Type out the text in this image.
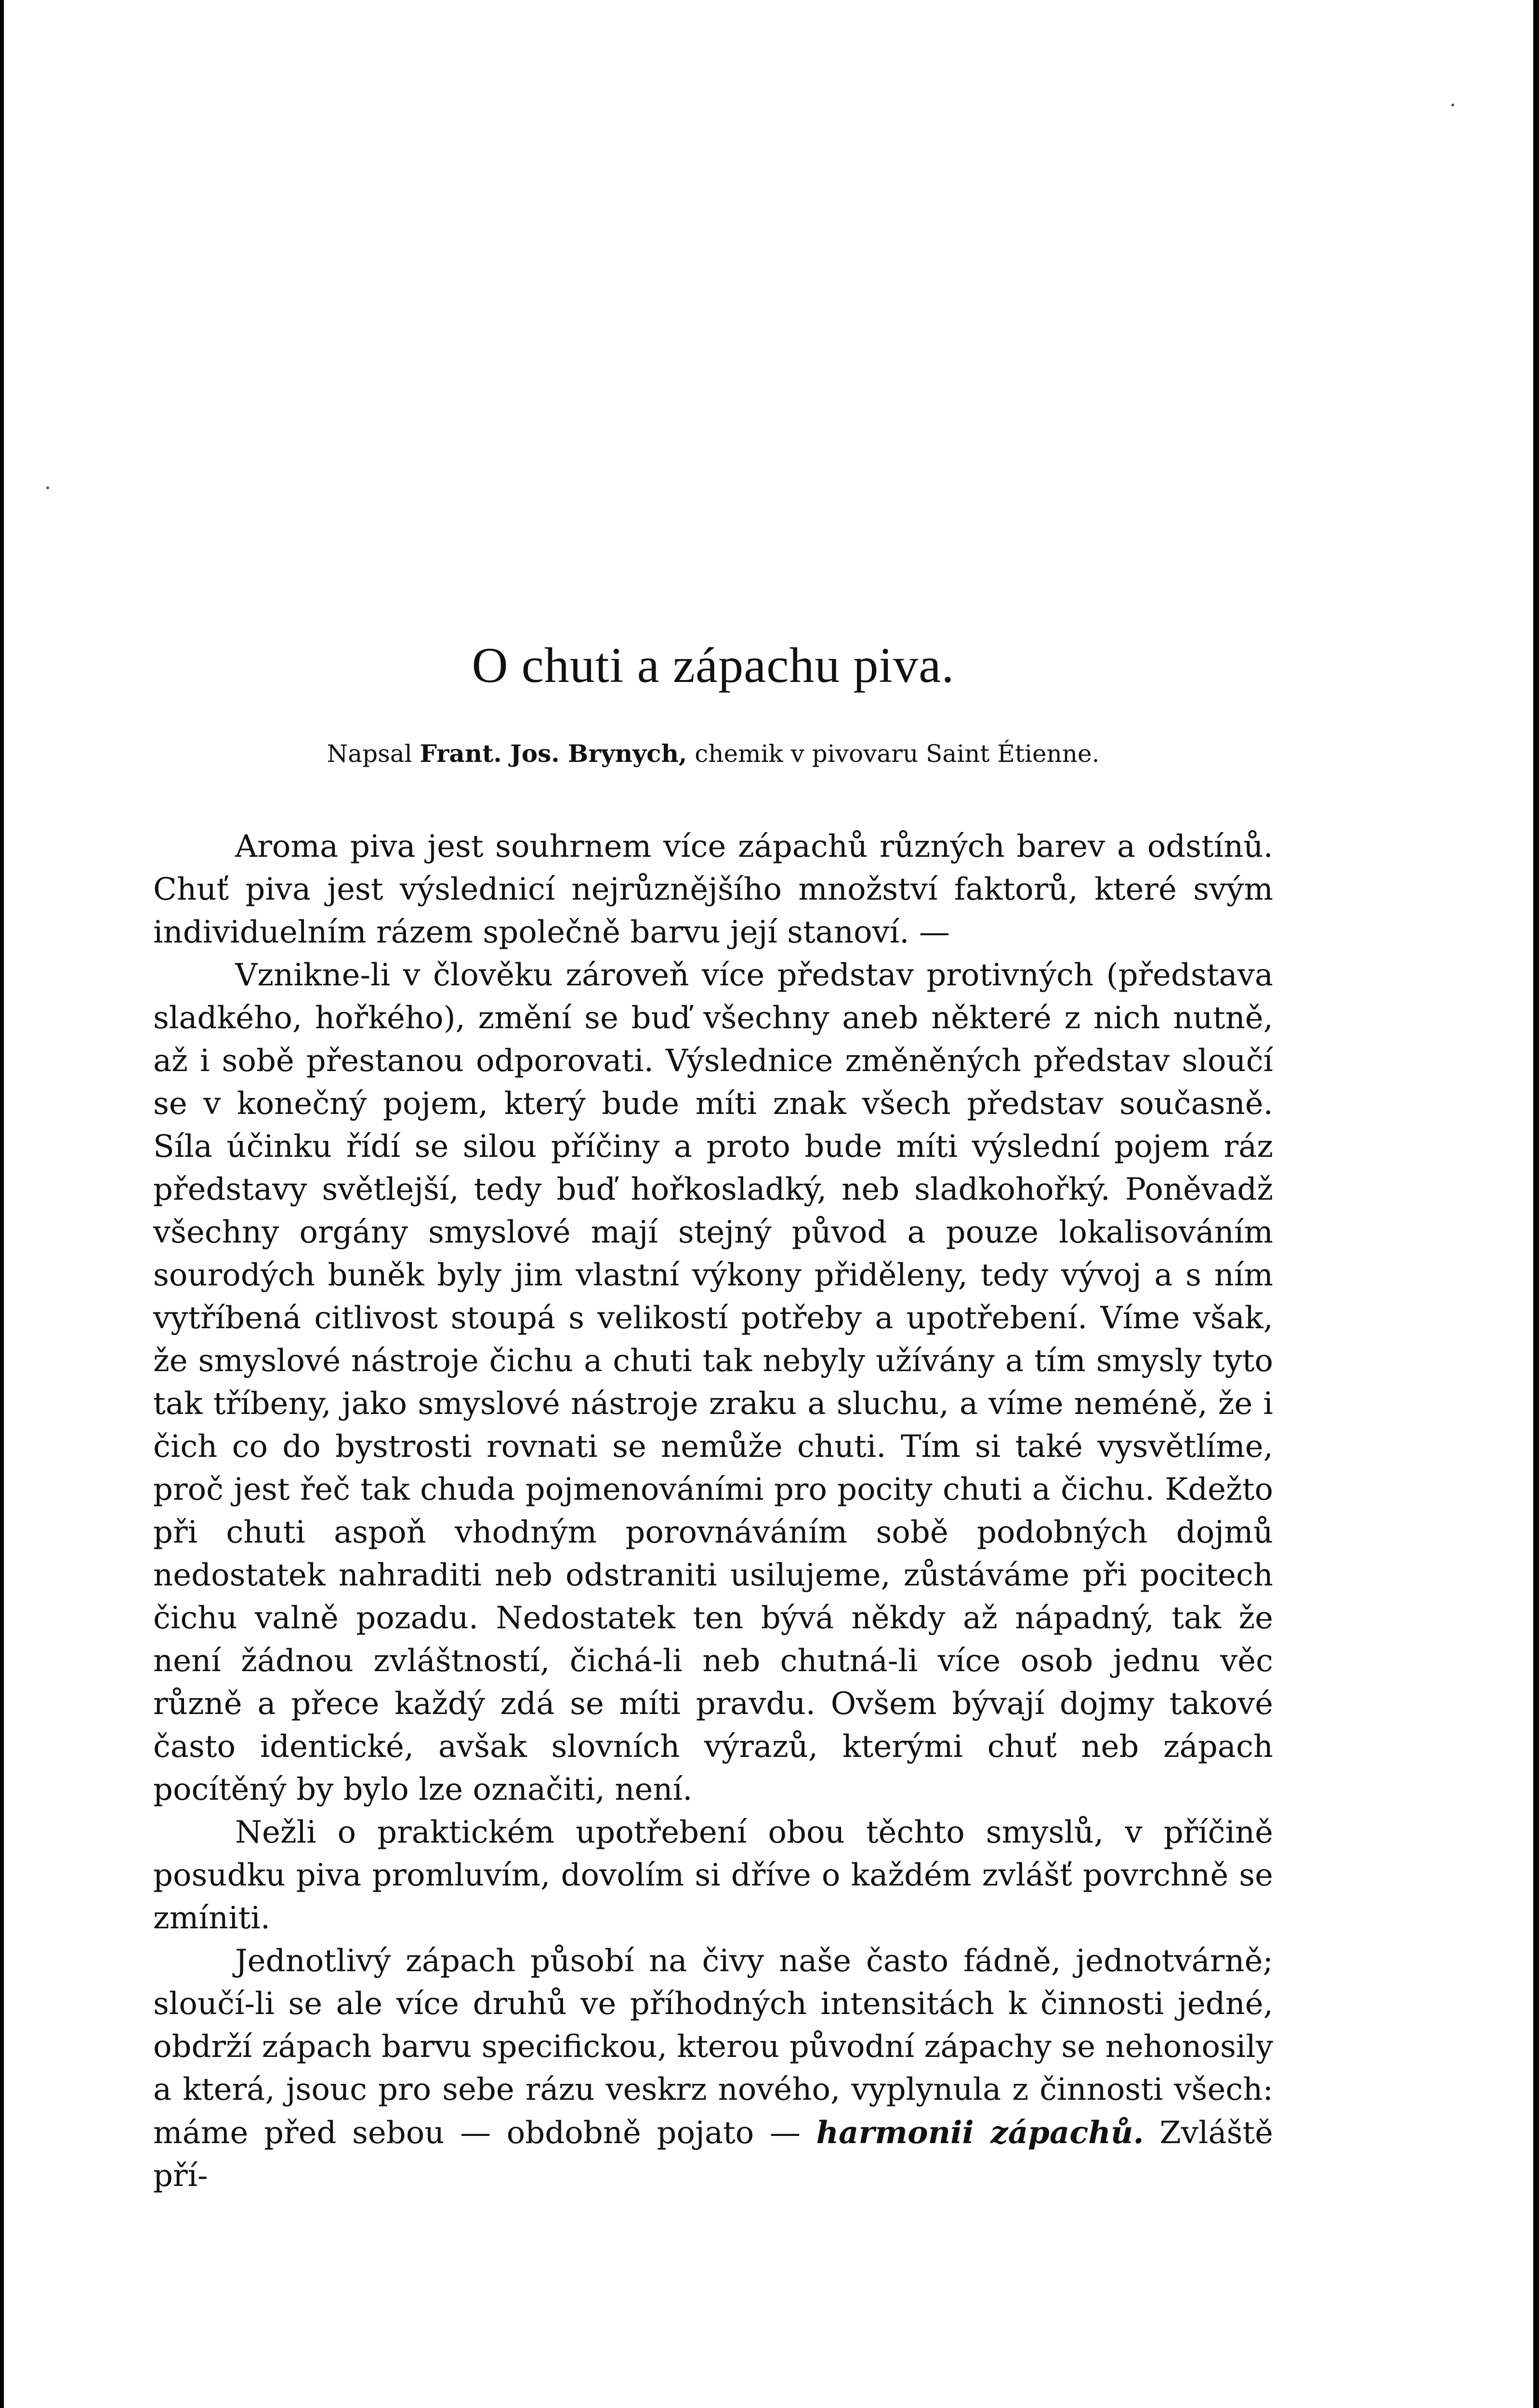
O chuti a zápachu piva.
Napsal Frant. Jos. Brynych, chemik v pivovaru Saint Étienne.

Aroma piva jest souhrnem více zápachů různých barev a odstínů. Chuť piva jest výslednicí nejrůznějšího množství faktorů, které svým individuelním rázem společně barvu její stanoví. —

Vznikne-li v člověku zároveň více představ protivných (představa sladkého, hořkého), změní se buď všechny aneb některé z nich nutně, až i sobě přestanou odporovati. Výslednice změněných představ sloučí se v konečný pojem, který bude míti znak všech představ současně. Síla účinku řídí se silou příčiny a proto bude míti výslední pojem ráz představy světlejší, tedy buď hořkosladký, neb sladkohořký. Poněvadž všechny orgány smyslové mají stejný původ a pouze lokalisováním sourodých buněk byly jim vlastní výkony přiděleny, tedy vývoj a s ním vytříbená citlivost stoupá s velikostí potřeby a upotřebení. Víme však, že smyslové nástroje čichu a chuti tak nebyly užívány a tím smysly tyto tak tříbeny, jako smyslové nástroje zraku a sluchu, a víme neméně, že i čich co do bystrosti rovnati se nemůže chuti. Tím si také vysvětlíme, proč jest řeč tak chuda pojmenováními pro pocity chuti a čichu. Kdežto při chuti aspoň vhodným porovnáváním sobě podobných dojmů nedostatek nahraditi neb odstraniti usilujeme, zůstáváme při pocitech čichu valně pozadu. Nedostatek ten bývá někdy až nápadný, tak že není žádnou zvláštností, čichá-li neb chutná-li více osob jednu věc různě a přece každý zdá se míti pravdu. Ovšem bývají dojmy takové často identické, avšak slovních výrazů, kterými chuť neb zápach pocítěný by bylo lze označiti, není.

Nežli o praktickém upotřebení obou těchto smyslů, v příčině posudku piva promluvím, dovolím si dříve o každém zvlášť povrchně se zmíniti.

Jednotlivý zápach působí na čivy naše často fádně, jednotvárně; sloučí-li se ale více druhů ve příhodných intensitách k činnosti jedné, obdrží zápach barvu specifickou, kterou původní zápachy se nehonosily a která, jsouc pro sebe rázu veskrz nového, vyplynula z činnosti všech: máme před sebou — obdobně pojato — harmonii zápachů. Zvláště pří-
